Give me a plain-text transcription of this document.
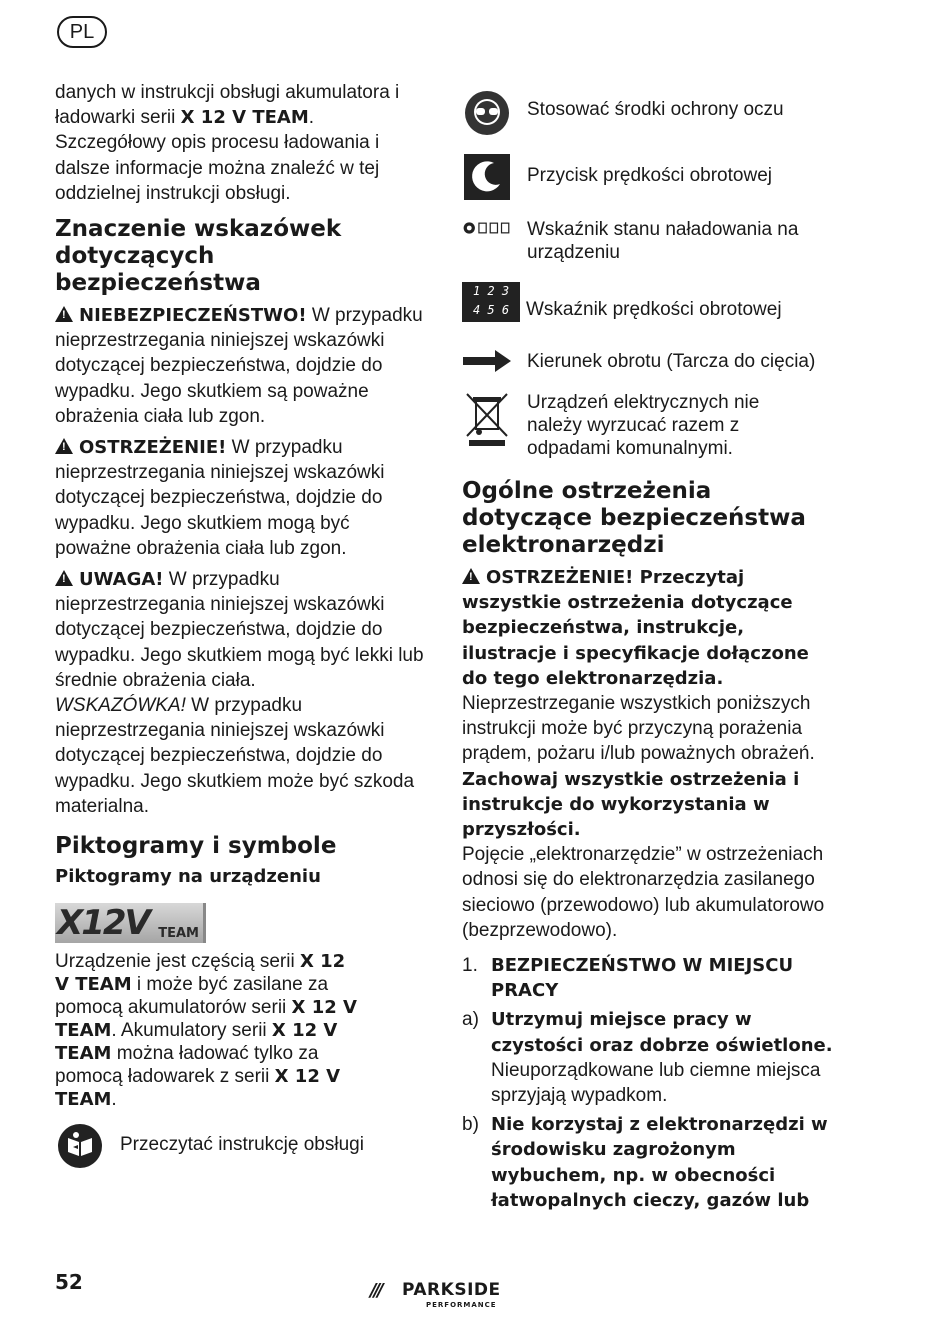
PL

danych w instrukcji obsługi akumulatora i ładowarki serii X 12 V TEAM. Szczegółowy opis procesu ładowania i dalsze informacje można znaleźć w tej oddzielnej instrukcji obsługi.

Znaczenie wskazówek dotyczących bezpieczeństwa

!NIEBEZPIECZEŃSTWO! W przypadku nieprzestrzegania niniejszej wskazówki dotyczącej bezpieczeństwa, dojdzie do wypadku. Jego skutkiem są poważne obrażenia ciała lub zgon.

!OSTRZEŻENIE! W przypadku nieprzestrzegania niniejszej wskazówki dotyczącej bezpieczeństwa, dojdzie do wypadku. Jego skutkiem mogą być poważne obrażenia ciała lub zgon.

!UWAGA! W przypadku nieprzestrzegania niniejszej wskazówki dotyczącej bezpieczeństwa, dojdzie do wypadku. Jego skutkiem mogą być lekki lub średnie obrażenia ciała.

WSKAZÓWKA! W przypadku nieprzestrzegania niniejszej wskazówki dotyczącej bezpieczeństwa, dojdzie do wypadku. Jego skutkiem może być szkoda materialna.

Piktogramy i symbole
Piktogramy na urządzeniu
X12V TEAM

Urządzenie jest częścią serii X 12 V TEAM i może być zasilane za pomocą akumulatorów serii X 12 V TEAM. Akumulatory serii X 12 V TEAM można ładować tylko za pomocą ładowarek z serii X 12 V TEAM.

Przeczytać instrukcję obsługi
Stosować środki ochrony oczu
Przycisk prędkości obrotowej
Wskaźnik stanu naładowania na urządzeniu
1 2 3
4 5 6 Wskaźnik prędkości obrotowej
Kierunek obrotu (Tarcza do cięcia)
Urządzeń elektrycznych nie należy wyrzucać razem z odpadami komunalnymi.
Ogólne ostrzeżenia dotyczące bezpieczeństwa elektronarzędzi

!OSTRZEŻENIE! Przeczytaj wszystkie ostrzeżenia dotyczące bezpieczeństwa, instrukcje, ilustracje i specyfikacje dołączone do tego elektronarzędzia. Nieprzestrzeganie wszystkich poniższych instrukcji może być przyczyną porażenia prądem, pożaru i/lub poważnych obrażeń.

Zachowaj wszystkie ostrzeżenia i instrukcje do wykorzystania w przyszłości.

Pojęcie „elektronarzędzie” w ostrzeżeniach odnosi się do elektronarzędzia zasilanego sieciowo (przewodowo) lub akumulatorowo (bezprzewodowo).

1. BEZPIECZEŃSTWO W MIEJSCU PRACY
a) Utrzymuj miejsce pracy w czystości oraz dobrze oświetlone. Nieuporządkowane lub ciemne miejsca sprzyjają wypadkom.
b) Nie korzystaj z elektronarzędzi w środowisku zagrożonym wybuchem, np. w obecności łatwopalnych cieczy, gazów lub
52	/// PARKSIDE
PERFORMANCE
